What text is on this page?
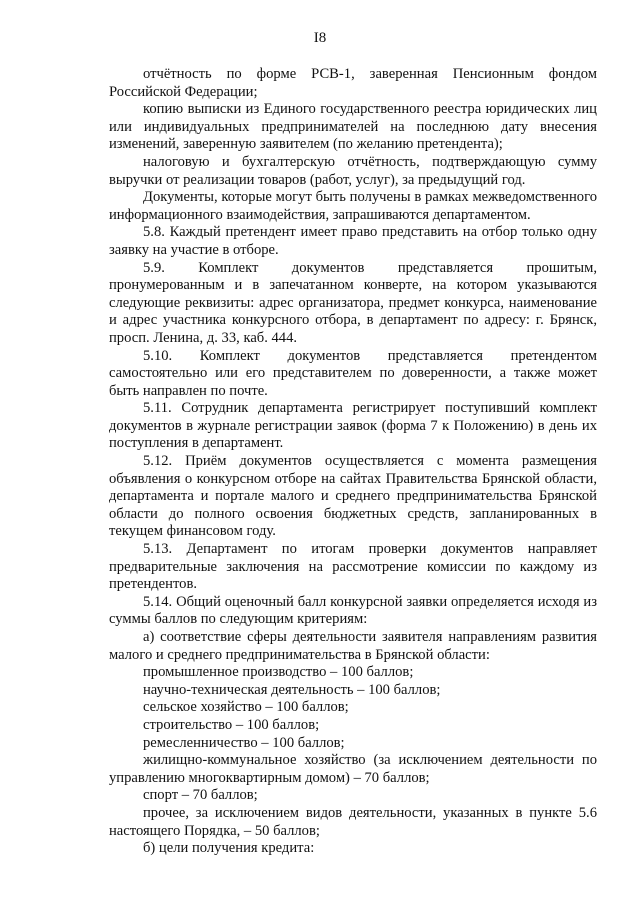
I8

отчётность по форме РСВ-1, заверенная Пенсионным фондом Российской Федерации;

копию выписки из Единого государственного реестра юридических лиц или индивидуальных предпринимателей на последнюю дату внесения изменений, заверенную заявителем (по желанию претендента);

налоговую и бухгалтерскую отчётность, подтверждающую сумму выручки от реализации товаров (работ, услуг), за предыдущий год.

Документы, которые могут быть получены в рамках межведомственного информационного взаимодействия, запрашиваются департаментом.

5.8. Каждый претендент имеет право представить на отбор только одну заявку на участие в отборе.

5.9. Комплект документов представляется прошитым, пронумерованным и в запечатанном конверте, на котором указываются следующие реквизиты: адрес организатора, предмет конкурса, наименование и адрес участника конкурсного отбора, в департамент по адресу: г. Брянск, просп. Ленина, д. 33, каб. 444.

5.10. Комплект документов представляется претендентом самостоятельно или его представителем по доверенности, а также может быть направлен по почте.

5.11. Сотрудник департамента регистрирует поступивший комплект документов в журнале регистрации заявок (форма 7 к Положению) в день их поступления в департамент.

5.12. Приём документов осуществляется с момента размещения объявления о конкурсном отборе на сайтах Правительства Брянской области, департамента и портале малого и среднего предпринимательства Брянской области до полного освоения бюджетных средств, запланированных в текущем финансовом году.

5.13. Департамент по итогам проверки документов направляет предварительные заключения на рассмотрение комиссии по каждому из претендентов.

5.14. Общий оценочный балл конкурсной заявки определяется исходя из суммы баллов по следующим критериям:

а) соответствие сферы деятельности заявителя направлениям развития малого и среднего предпринимательства в Брянской области:

промышленное производство – 100 баллов;

научно-техническая деятельность – 100 баллов;

сельское хозяйство – 100 баллов;

строительство – 100 баллов;

ремесленничество – 100 баллов;

жилищно-коммунальное хозяйство (за исключением деятельности по управлению многоквартирным домом) – 70 баллов;

спорт – 70 баллов;

прочее, за исключением видов деятельности, указанных в пункте 5.6 настоящего Порядка, – 50 баллов;

б) цели получения кредита:
